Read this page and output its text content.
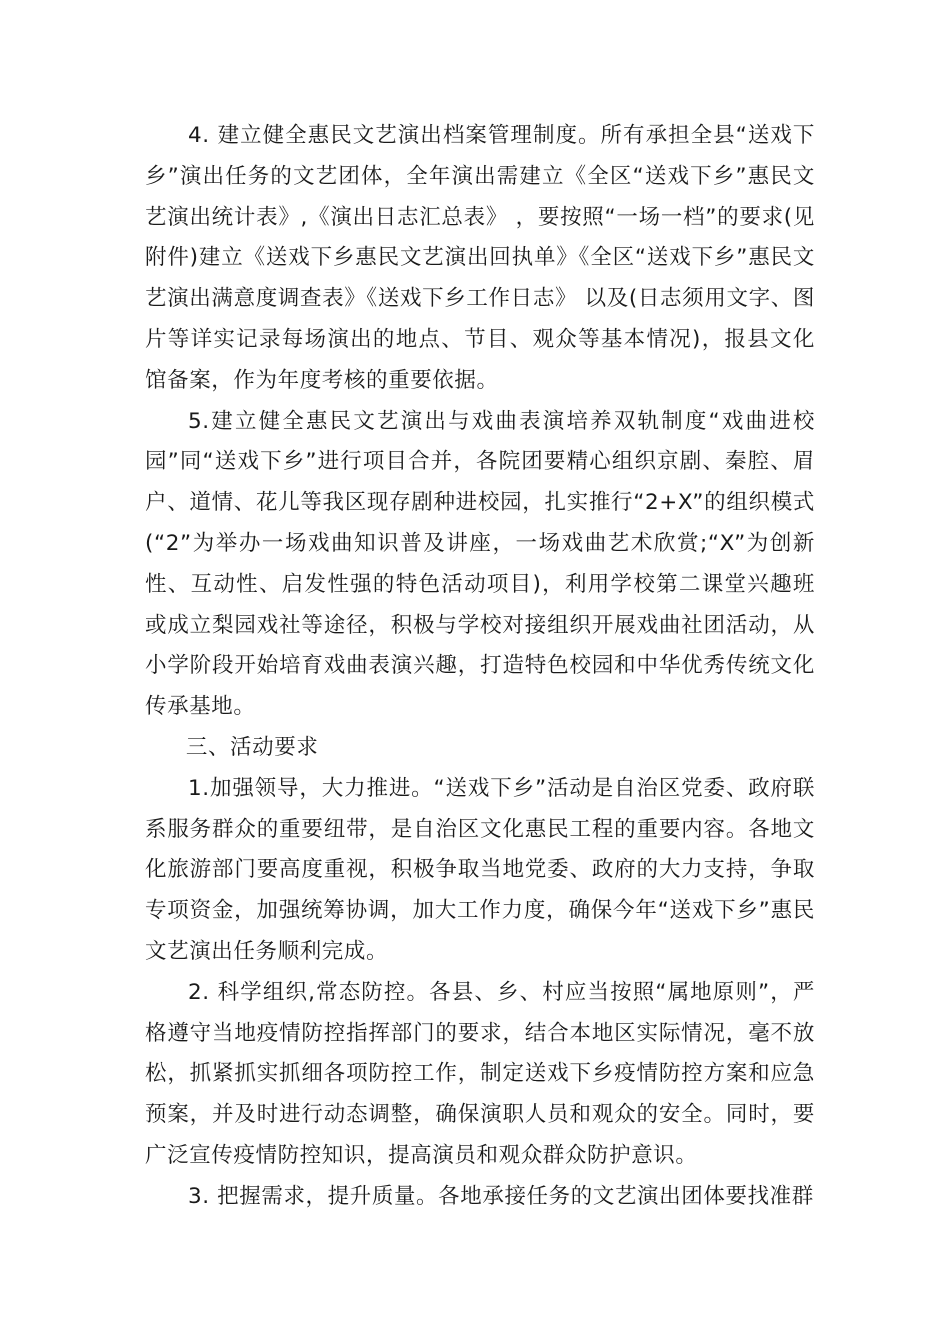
4. 建立健全惠民文艺演出档案管理制度。所有承担全县“送戏下乡”演出任务的文艺团体，全年演出需建立《全区“送戏下乡”惠民文艺演出统计表》,《演出日志汇总表》 ，要按照“一场一档”的要求(见附件)建立《送戏下乡惠民文艺演出回执单》《全区“送戏下乡”惠民文艺演出满意度调查表》《送戏下乡工作日志》 以及(日志须用文字、图片等详实记录每场演出的地点、节目、观众等基本情况)，报县文化馆备案，作为年度考核的重要依据。

5.建立健全惠民文艺演出与戏曲表演培养双轨制度“戏曲进校园”同“送戏下乡”进行项目合并，各院团要精心组织京剧、秦腔、眉户、道情、花儿等我区现存剧种进校园，扎实推行“2+X”的组织模式(“2”为举办一场戏曲知识普及讲座，一场戏曲艺术欣赏;“X”为创新性、互动性、启发性强的特色活动项目)，利用学校第二课堂兴趣班或成立梨园戏社等途径，积极与学校对接组织开展戏曲社团活动，从小学阶段开始培育戏曲表演兴趣，打造特色校园和中华优秀传统文化传承基地。

三、活动要求

1.加强领导，大力推进。“送戏下乡”活动是自治区党委、政府联系服务群众的重要纽带，是自治区文化惠民工程的重要内容。各地文化旅游部门要高度重视，积极争取当地党委、政府的大力支持，争取专项资金，加强统筹协调，加大工作力度，确保今年“送戏下乡”惠民文艺演出任务顺利完成。

2. 科学组织,常态防控。各县、乡、村应当按照“属地原则”，严格遵守当地疫情防控指挥部门的要求，结合本地区实际情况，毫不放松，抓紧抓实抓细各项防控工作，制定送戏下乡疫情防控方案和应急预案，并及时进行动态调整，确保演职人员和观众的安全。同时，要广泛宣传疫情防控知识，提高演员和观众群众防护意识。

3. 把握需求，提升质量。各地承接任务的文艺演出团体要找准群
